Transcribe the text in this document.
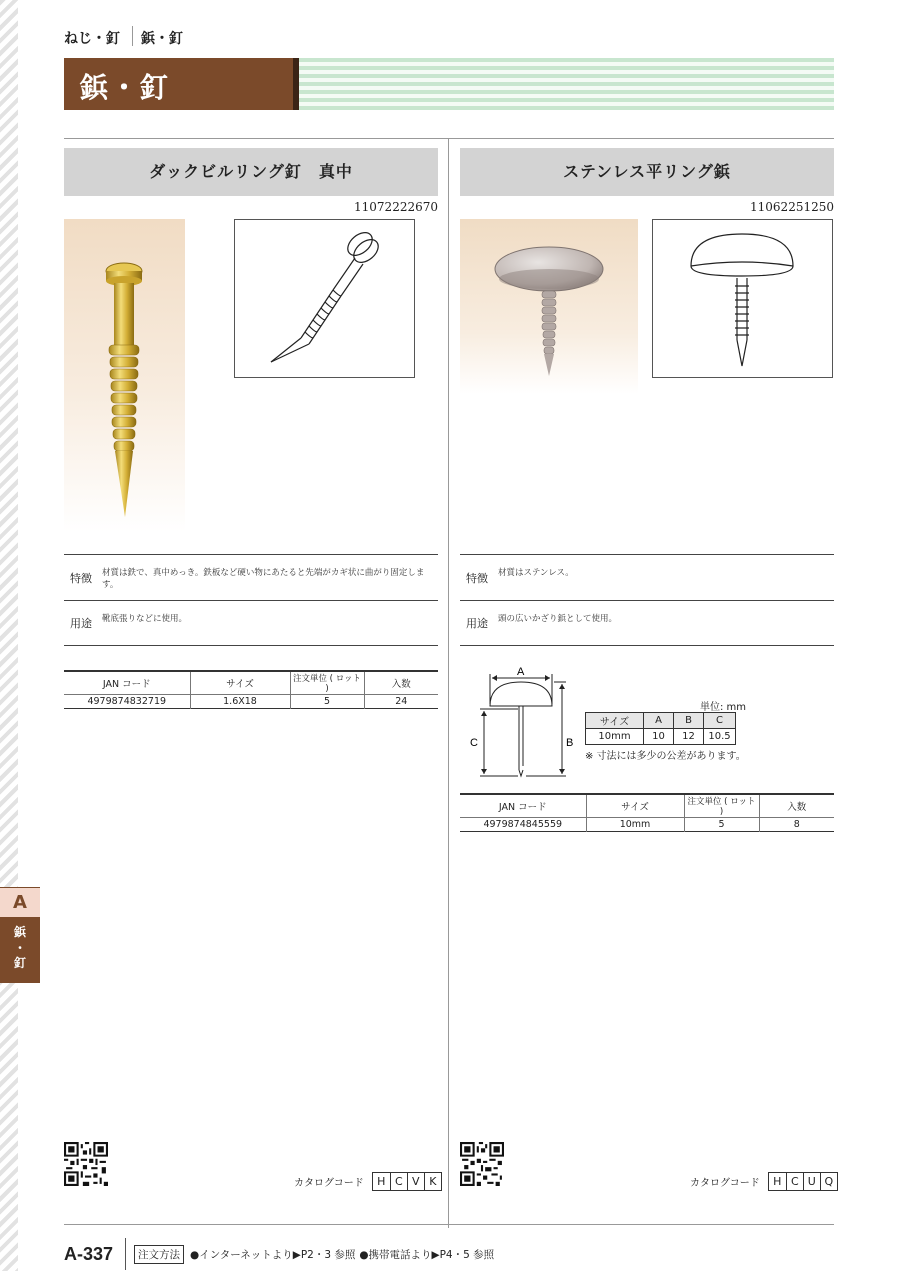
ねじ・釘 鋲・釘
鋲・釘
ダックビルリング釘　真中
11072222670
特徴	材質は鉄で、真中めっき。鉄板など硬い物にあたると先端がカギ状に曲がり固定します。
用途	靴底張りなどに使用。
JAN コード	サイズ	注文単位 ( ロット )	入数
4979874832719	1.6X18	5	24
ステンレス平リング鋲
11062251250
特徴	材質はステンレス。
用途	頭の広いかざり鋲として使用。
A
C	B
単位: mm
サイズ	A	B	C
10mm	10	12	10.5
※ 寸法には多少の公差があります。
JAN コード	サイズ	注文単位 ( ロット )	入数
4979874845559	10mm	5	8
カタログコード	H C V K	カタログコード	H C U Q
A
鋲
・
釘
A-337	注文方法 ●インターネットより▶P2・3 参照 ●携帯電話より▶P4・5 参照
